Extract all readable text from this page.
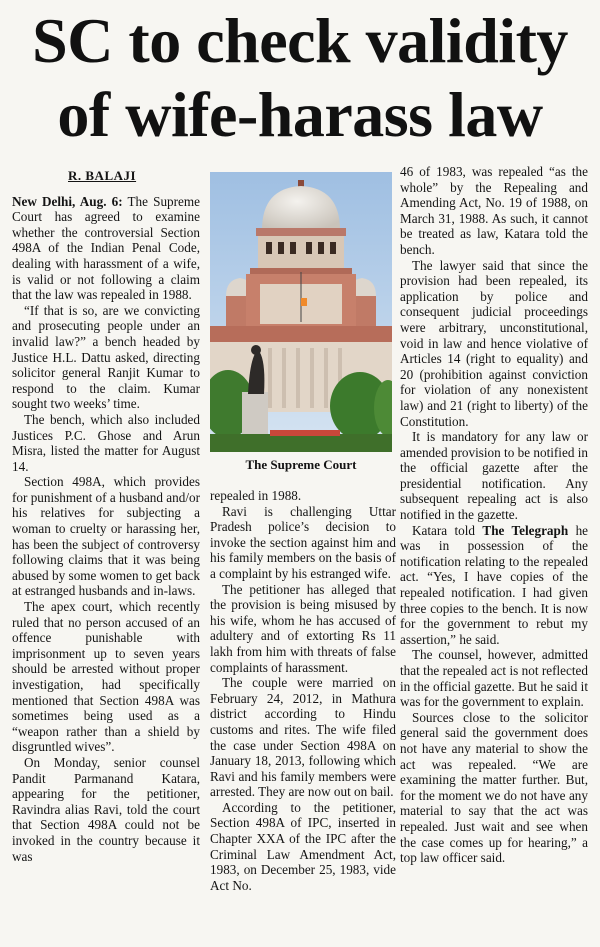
SC to check validity
of wife-harass law
R. BALAJI

New Delhi, Aug. 6: The Supreme Court has agreed to examine whether the controversial Section 498A of the Indian Penal Code, dealing with harassment of a wife, is valid or not following a claim that the law was repealed in 1988.

“If that is so, are we convicting and prosecuting people under an invalid law?” a bench headed by Justice H.L. Dattu asked, directing solicitor general Ranjit Kumar to respond to the claim. Kumar sought two weeks’ time.

The bench, which also included Justices P.C. Ghose and Arun Misra, listed the matter for August 14.

Section 498A, which provides for punishment of a husband and/or his relatives for subjecting a woman to cruelty or harassing her, has been the subject of controversy following claims that it was being abused by some women to get back at estranged husbands and in-laws.

The apex court, which recently ruled that no person accused of an offence punishable with imprisonment up to seven years should be arrested without proper investigation, had specifically mentioned that Section 498A was sometimes being used as a “weapon rather than a shield by disgruntled wives”.

On Monday, senior counsel Pandit Parmanand Katara, appearing for the petitioner, Ravindra alias Ravi, told the court that Section 498A could not be invoked in the country because it was

The Supreme Court

repealed in 1988.

Ravi is challenging Uttar Pradesh police’s decision to invoke the section against him and his family members on the basis of a complaint by his estranged wife.

The petitioner has alleged that the provision is being misused by his wife, whom he has accused of adultery and of extorting Rs 11 lakh from him with threats of false complaints of harassment.

The couple were married on February 24, 2012, in Mathura district according to Hindu customs and rites. The wife filed the case under Section 498A on January 18, 2013, following which Ravi and his family members were arrested. They are now out on bail.

According to the petitioner, Section 498A of IPC, inserted in Chapter XXA of the IPC after the Criminal Law Amendment Act, 1983, on December 25, 1983, vide Act No.

46 of 1983, was repealed “as the whole” by the Repealing and Amending Act, No. 19 of 1988, on March 31, 1988. As such, it cannot be treated as law, Katara told the bench.

The lawyer said that since the provision had been repealed, its application by police and consequent judicial proceedings were arbitrary, unconstitutional, void in law and hence violative of Articles 14 (right to equality) and 20 (prohibition against conviction for violation of any nonexistent law) and 21 (right to liberty) of the Constitution.

It is mandatory for any law or amended provision to be notified in the official gazette after the presidential notification. Any subsequent repealing act is also notified in the gazette.

Katara told The Telegraph he was in possession of the notification relating to the repealed act. “Yes, I have copies of the repealed notification. I had given three copies to the bench. It is now for the government to rebut my assertion,” he said.

The counsel, however, admitted that the repealed act is not reflected in the official gazette. But he said it was for the government to explain.

Sources close to the solicitor general said the government does not have any material to show the act was repealed. “We are examining the matter further. But, for the moment we do not have any material to say that the act was repealed. Just wait and see when the case comes up for hearing,” a top law officer said.
